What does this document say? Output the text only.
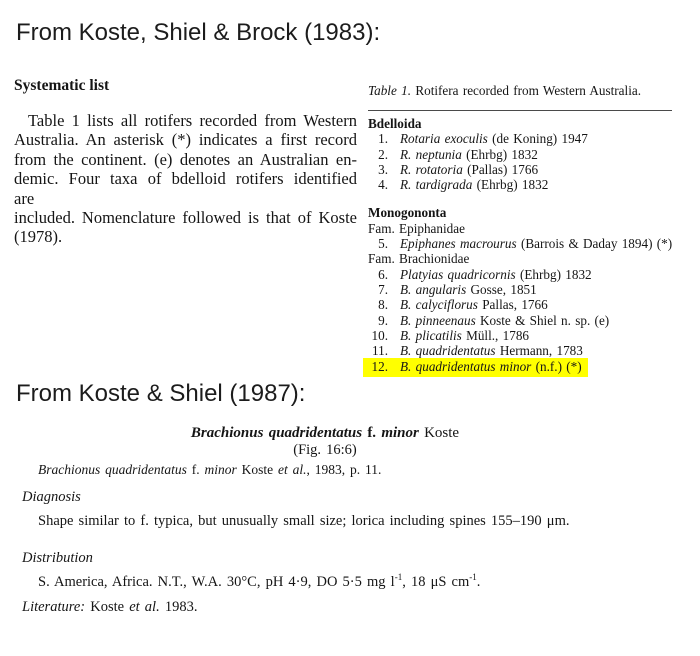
From Koste, Shiel & Brock (1983):
Systematic list
Table 1 lists all rotifers recorded from Western
Australia. An asterisk (*) indicates a first record
from the continent. (e) denotes an Australian en-
demic. Four taxa of bdelloid rotifers identified are
included. Nomenclature followed is that of Koste
(1978).
Table 1. Rotifera recorded from Western Australia.
Bdelloida
1. Rotaria exoculis (de Koning) 1947
2. R. neptunia (Ehrbg) 1832
3. R. rotatoria (Pallas) 1766
4. R. tardigrada (Ehrbg) 1832
Monogononta
Fam. Epiphanidae
5. Epiphanes macrourus (Barrois & Daday 1894) (*)
Fam. Brachionidae
6. Platyias quadricornis (Ehrbg) 1832
7. B. angularis Gosse, 1851
8. B. calyciflorus Pallas, 1766
9. B. pinneenaus Koste & Shiel n. sp. (e)
10. B. plicatilis Müll., 1786
11. B. quadridentatus Hermann, 1783
12. B. quadridentatus minor (n.f.) (*)
From Koste & Shiel (1987):
Brachionus quadridentatus f. minor Koste
(Fig. 16:6)
Brachionus quadridentatus f. minor Koste et al., 1983, p. 11.
Diagnosis
Shape similar to f. typica, but unusually small size; lorica including spines 155–190 μm.
Distribution
S. America, Africa. N.T., W.A. 30°C, pH 4·9, DO 5·5 mg $l^{-1}$, 18 μS $cm^{-1}$.
Literature: Koste et al. 1983.
